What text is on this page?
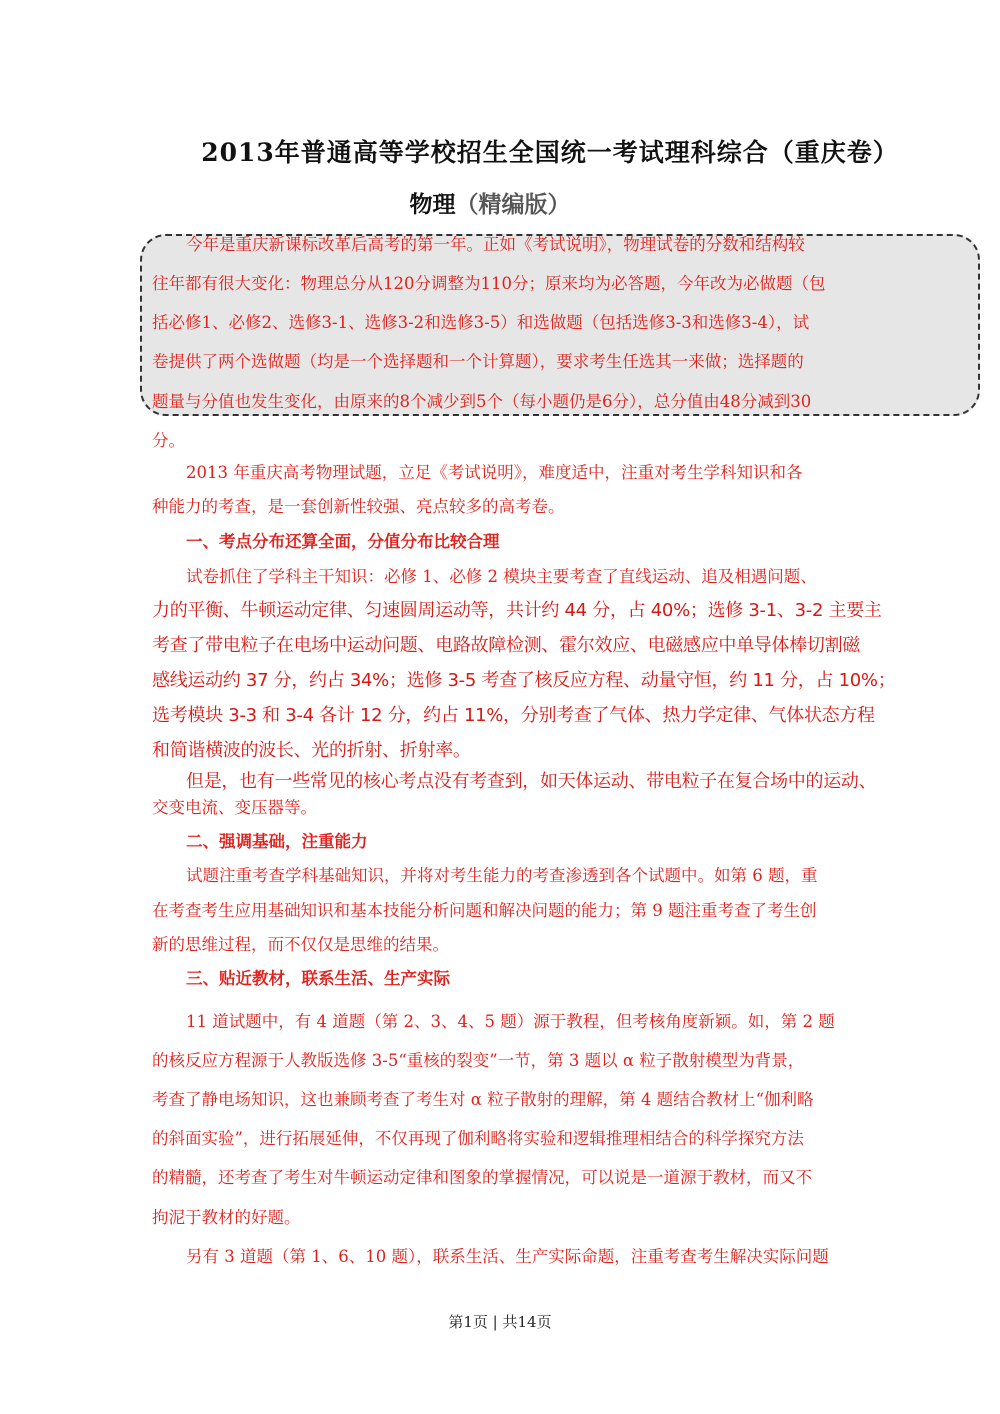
2013年普通高等学校招生全国统一考试理科综合（重庆卷）
物理（精编版）
今年是重庆新课标改革后高考的第一年。正如《考试说明》，物理试卷的分数和结构较
往年都有很大变化：物理总分从120分调整为110分；原来均为必答题，今年改为必做题（包
括必修1、必修2、选修3-1、选修3-2和选修3-5）和选做题（包括选修3-3和选修3-4），试
卷提供了两个选做题（均是一个选择题和一个计算题），要求考生任选其一来做；选择题的
题量与分值也发生变化，由原来的8个减少到5个（每小题仍是6分），总分值由48分减到30
分。
2013 年重庆高考物理试题，立足《考试说明》，难度适中，注重对考生学科知识和各
种能力的考查，是一套创新性较强、亮点较多的高考卷。
一、考点分布还算全面，分值分布比较合理
试卷抓住了学科主干知识：必修 1、必修 2 模块主要考查了直线运动、追及相遇问题、
力的平衡、牛顿运动定律、匀速圆周运动等，共计约 44 分，占 40%；选修 3-1、3-2 主要主
考查了带电粒子在电场中运动问题、电路故障检测、霍尔效应、电磁感应中单导体棒切割磁
感线运动约 37 分，约占 34%；选修 3-5 考查了核反应方程、动量守恒，约 11 分，占 10%；
选考模块 3-3 和 3-4 各计 12 分，约占 11%，分别考查了气体、热力学定律、气体状态方程
和简谐横波的波长、光的折射、折射率。
但是，也有一些常见的核心考点没有考查到，如天体运动、带电粒子在复合场中的运动、
交变电流、变压器等。
二、强调基础，注重能力
试题注重考查学科基础知识，并将对考生能力的考查渗透到各个试题中。如第 6 题，重
在考查考生应用基础知识和基本技能分析问题和解决问题的能力；第 9 题注重考查了考生创
新的思维过程，而不仅仅是思维的结果。
三、贴近教材，联系生活、生产实际
11 道试题中，有 4 道题（第 2、3、4、5 题）源于教程，但考核角度新颖。如，第 2 题
的核反应方程源于人教版选修 3-5“重核的裂变”一节，第 3 题以 α 粒子散射模型为背景，
考查了静电场知识，这也兼顾考查了考生对 α 粒子散射的理解，第 4 题结合教材上“伽利略
的斜面实验”，进行拓展延伸，不仅再现了伽利略将实验和逻辑推理相结合的科学探究方法
的精髓，还考查了考生对牛顿运动定律和图象的掌握情况，可以说是一道源于教材，而又不
拘泥于教材的好题。
另有 3 道题（第 1、6、10 题），联系生活、生产实际命题，注重考查考生解决实际问题
第1页 | 共14页
